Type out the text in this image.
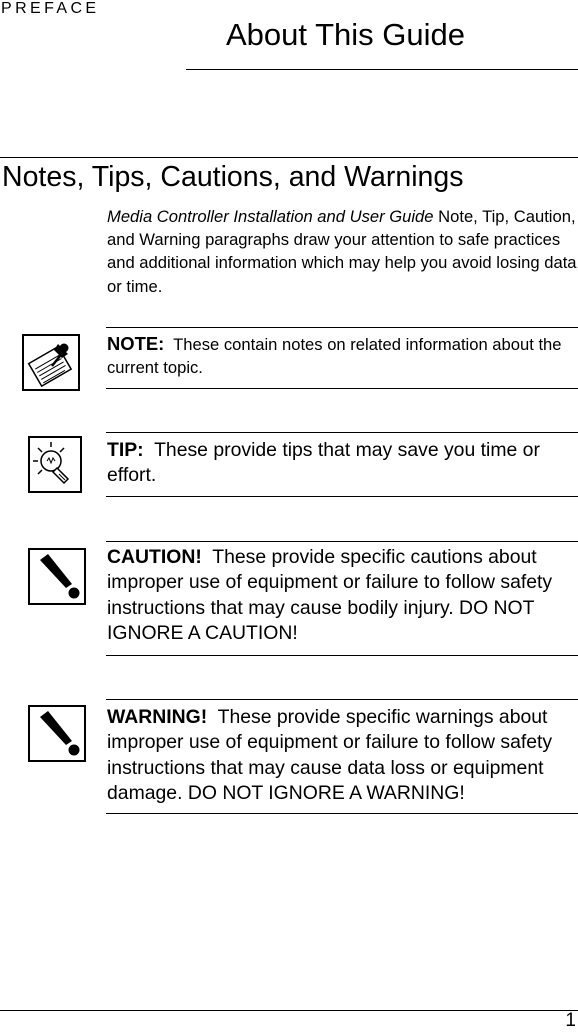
PREFACE
About This Guide
Notes, Tips, Cautions, and Warnings
Media Controller Installation and User Guide Note, Tip, Caution, and Warning paragraphs draw your attention to safe practices and additional information which may help you avoid losing data or time.
NOTE: These contain notes on related information about the current topic.
TIP: These provide tips that may save you time or effort.
CAUTION! These provide specific cautions about improper use of equipment or failure to follow safety instructions that may cause bodily injury. DO NOT IGNORE A CAUTION!
WARNING! These provide specific warnings about improper use of equipment or failure to follow safety instructions that may cause data loss or equipment damage. DO NOT IGNORE A WARNING!
1
